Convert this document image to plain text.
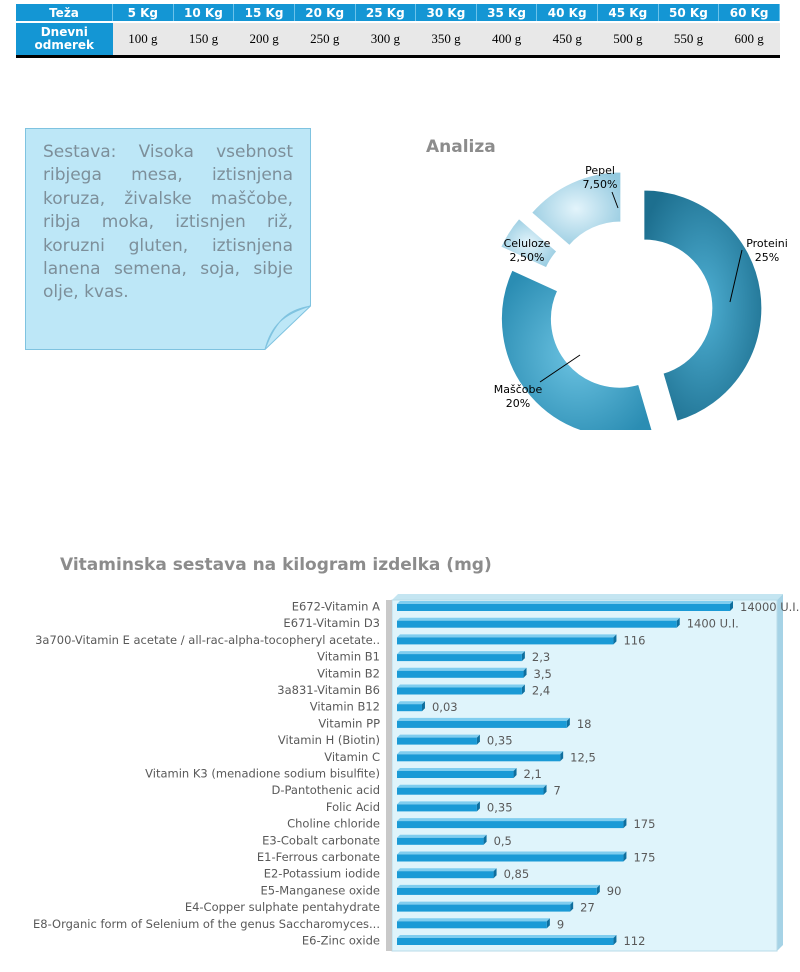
Teža	5 Kg	10 Kg	15 Kg	20 Kg	25 Kg	30 Kg	35 Kg	40 Kg	45 Kg	50 Kg	60 Kg
Dnevni odmerek	100 g	150 g	200 g	250 g	300 g	350 g	400 g	450 g	500 g	550 g	600 g
Sestava: Visoka vsebnost ribjega mesa, iztisnjena koruza, živalske maščobe, ribja moka, iztisnjen riž, koruzni gluten, iztisnjena lanena semena, soja, sibje olje, kvas.
Analiza
Proteini
25%
Maščobe
20%
Celuloze
2,50%
Pepel
7,50%
Vitaminska sestava na kilogram izdelka (mg)
E672-Vitamin A	14000 U.I.
E671-Vitamin D3	1400 U.I.
3a700-Vitamin E acetate / all-rac-alpha-tocopheryl acetate..	116
Vitamin B1	2,3
Vitamin B2	3,5
3a831-Vitamin B6	2,4
Vitamin B12	0,03
Vitamin PP	18
Vitamin H (Biotin)	0,35
Vitamin C	12,5
Vitamin K3 (menadione sodium bisulfite)	2,1
D-Pantothenic acid	7
Folic Acid	0,35
Choline chloride	175
E3-Cobalt carbonate	0,5
E1-Ferrous carbonate	175
E2-Potassium iodide	0,85
E5-Manganese oxide	90
E4-Copper sulphate pentahydrate	27
E8-Organic form of Selenium of the genus Saccharomyces...	9
E6-Zinc oxide	112
